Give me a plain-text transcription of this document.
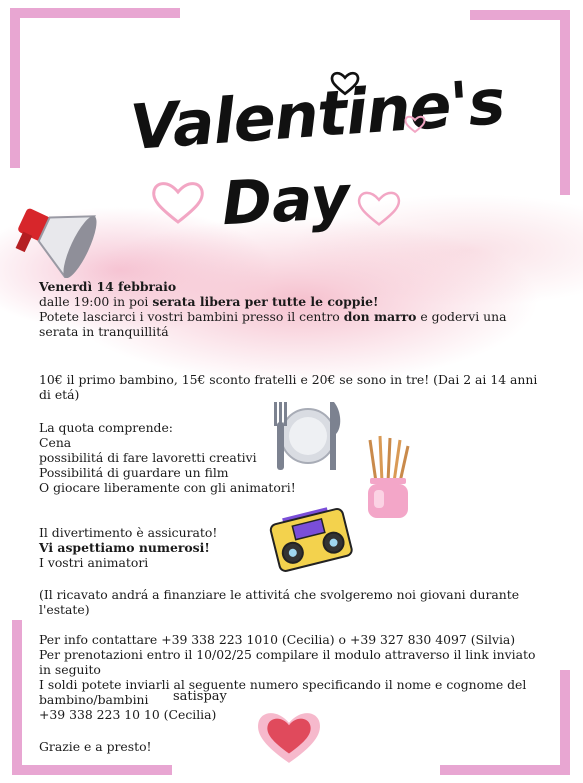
Valentine's
Day
Venerdì 14 febbraio
dalle 19:00 in poi serata libera per tutte le coppie!
Potete lasciarci i vostri bambini presso il centro don marro e godervi una
serata in tranquillitá
10€ il primo bambino, 15€ sconto fratelli e 20€ se sono in tre! (Dai 2 ai 14 anni
di etá)
La quota comprende:
Cena
possibilitá di fare lavoretti creativi
Possibilitá di guardare un film
O giocare liberamente con gli animatori!
Il divertimento è assicurato!
Vi aspettiamo numerosi!
I vostri animatori
(Il ricavato andrá a finanziare le attivitá che svolgeremo noi giovani durante
l'estate)
Per info contattare +39 338 223 1010 (Cecilia) o +39 327 830 4097 (Silvia)
Per prenotazioni entro il 10/02/25 compilare il modulo attraverso il link inviato
in seguito
I soldi potete inviarli al seguente numero specificando il nome e cognome del
bambino/bambini satispay
+39 338 223 10 10 (Cecilia)
Grazie e a presto!
